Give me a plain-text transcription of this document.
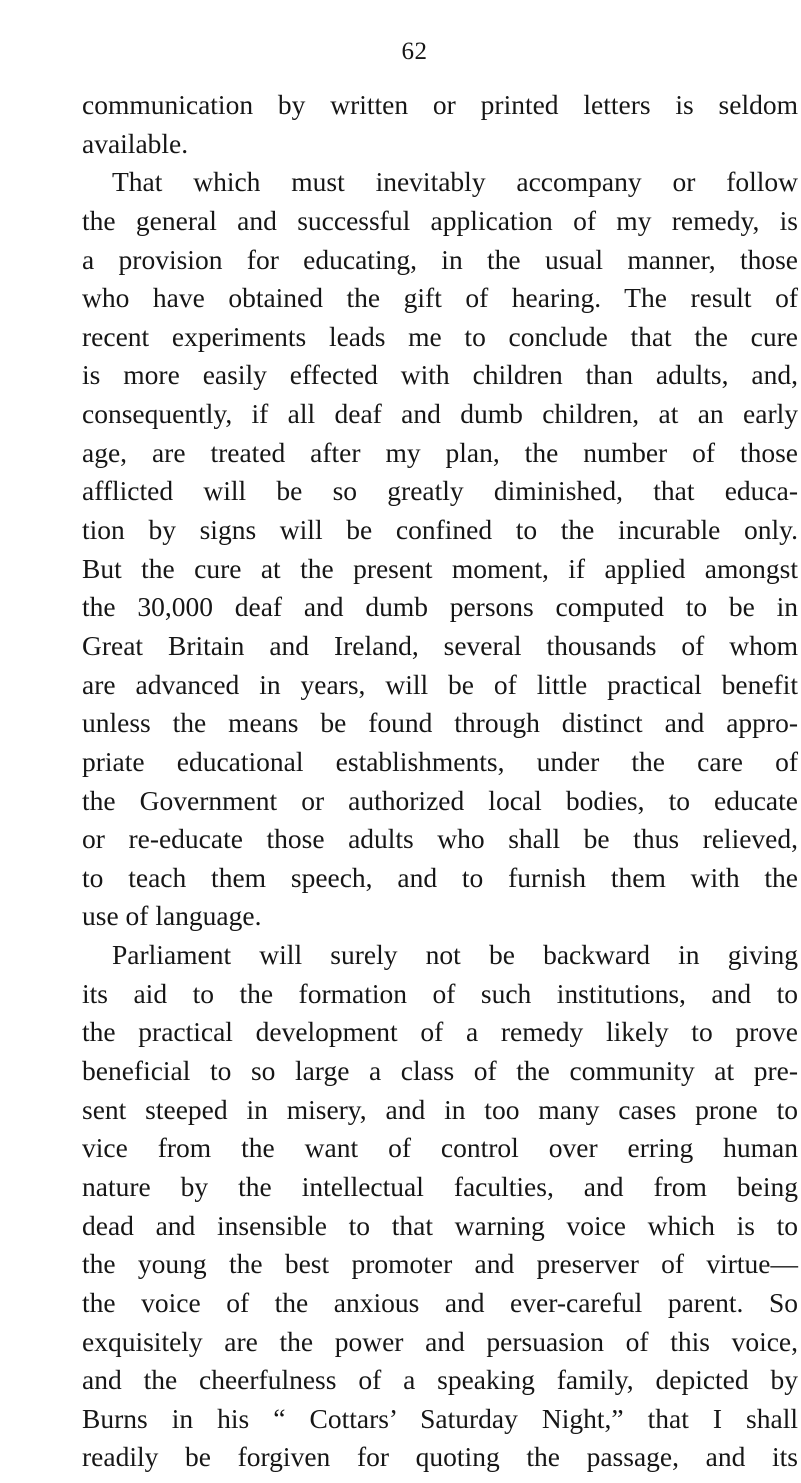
62
communication by written or printed letters is seldom
available.
That which must inevitably accompany or follow
the general and successful application of my remedy, is
a provision for educating, in the usual manner, those
who have obtained the gift of hearing. The result of
recent experiments leads me to conclude that the cure
is more easily effected with children than adults, and,
consequently, if all deaf and dumb children, at an early
age, are treated after my plan, the number of those
afflicted will be so greatly diminished, that educa-
tion by signs will be confined to the incurable only.
But the cure at the present moment, if applied amongst
the 30,000 deaf and dumb persons computed to be in
Great Britain and Ireland, several thousands of whom
are advanced in years, will be of little practical benefit
unless the means be found through distinct and appro-
priate educational establishments, under the care of
the Government or authorized local bodies, to educate
or re-educate those adults who shall be thus relieved,
to teach them speech, and to furnish them with the
use of language.
Parliament will surely not be backward in giving
its aid to the formation of such institutions, and to
the practical development of a remedy likely to prove
beneficial to so large a class of the community at pre-
sent steeped in misery, and in too many cases prone to
vice from the want of control over erring human
nature by the intellectual faculties, and from being
dead and insensible to that warning voice which is to
the young the best promoter and preserver of virtue—
the voice of the anxious and ever-careful parent. So
exquisitely are the power and persuasion of this voice,
and the cheerfulness of a speaking family, depicted by
Burns in his “ Cottars’ Saturday Night,” that I shall
readily be forgiven for quoting the passage, and its
